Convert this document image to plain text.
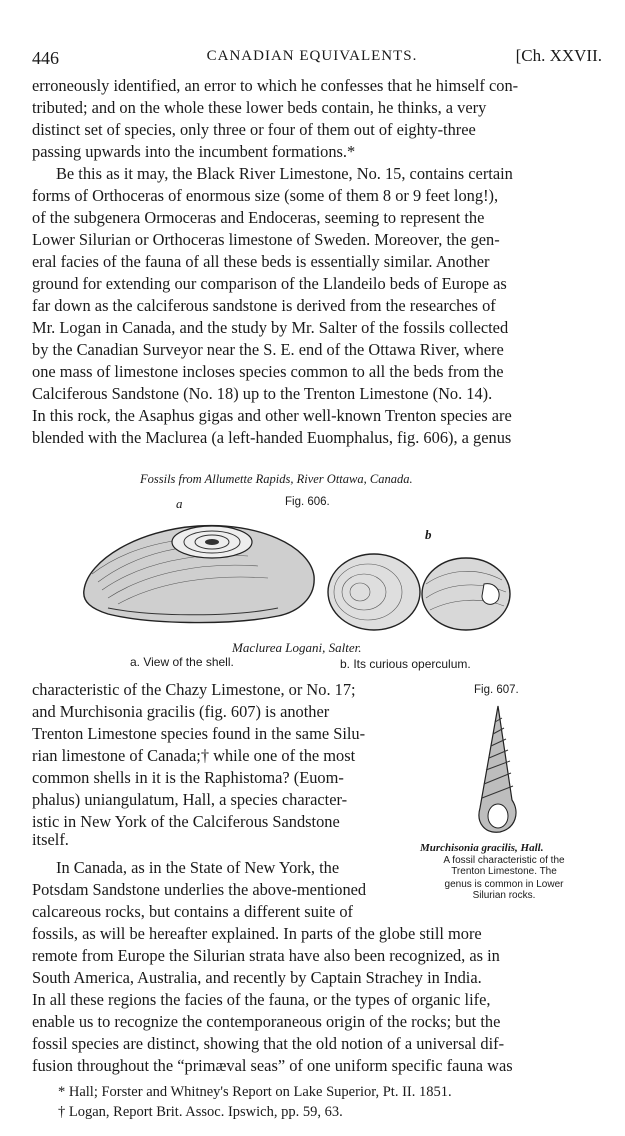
446	CANADIAN EQUIVALENTS.	[Ch. XXVII.
erroneously identified, an error to which he confesses that he himself con-
tributed; and on the whole these lower beds contain, he thinks, a very
distinct set of species, only three or four of them out of eighty-three
passing upwards into the incumbent formations.*
Be this as it may, the Black River Limestone, No. 15, contains certain
forms of Orthoceras of enormous size (some of them 8 or 9 feet long!),
of the subgenera Ormoceras and Endoceras, seeming to represent the
Lower Silurian or Orthoceras limestone of Sweden. Moreover, the gen-
eral facies of the fauna of all these beds is essentially similar. Another
ground for extending our comparison of the Llandeilo beds of Europe as
far down as the calciferous sandstone is derived from the researches of
Mr. Logan in Canada, and the study by Mr. Salter of the fossils collected
by the Canadian Surveyor near the S. E. end of the Ottawa River, where
one mass of limestone incloses species common to all the beds from the
Calciferous Sandstone (No. 18) up to the Trenton Limestone (No. 14).
In this rock, the Asaphus gigas and other well-known Trenton species are
blended with the Maclurea (a left-handed Euomphalus, fig. 606), a genus
Fossils from Allumette Rapids, River Ottawa, Canada.
a	Fig. 606.
b
Maclurea Logani, Salter.
a. View of the shell.	b. Its curious operculum.
characteristic of the Chazy Limestone, or No. 17;
and Murchisonia gracilis (fig. 607) is another
Trenton Limestone species found in the same Silu-
rian limestone of Canada;† while one of the most
common shells in it is the Raphistoma? (Euom-
phalus) uniangulatum, Hall, a species character-
istic in New York of the Calciferous Sandstone
itself.
In Canada, as in the State of New York, the
Potsdam Sandstone underlies the above-mentioned
calcareous rocks, but contains a different suite of
Fig. 607.
Murchisonia gracilis, Hall.
A fossil characteristic of the
Trenton Limestone. The
genus is common in Lower
Silurian rocks.
fossils, as will be hereafter explained. In parts of the globe still more
remote from Europe the Silurian strata have also been recognized, as in
South America, Australia, and recently by Captain Strachey in India.
In all these regions the facies of the fauna, or the types of organic life,
enable us to recognize the contemporaneous origin of the rocks; but the
fossil species are distinct, showing that the old notion of a universal dif-
fusion throughout the “primæval seas” of one uniform specific fauna was
* Hall; Forster and Whitney's Report on Lake Superior, Pt. II. 1851.
† Logan, Report Brit. Assoc. Ipswich, pp. 59, 63.
